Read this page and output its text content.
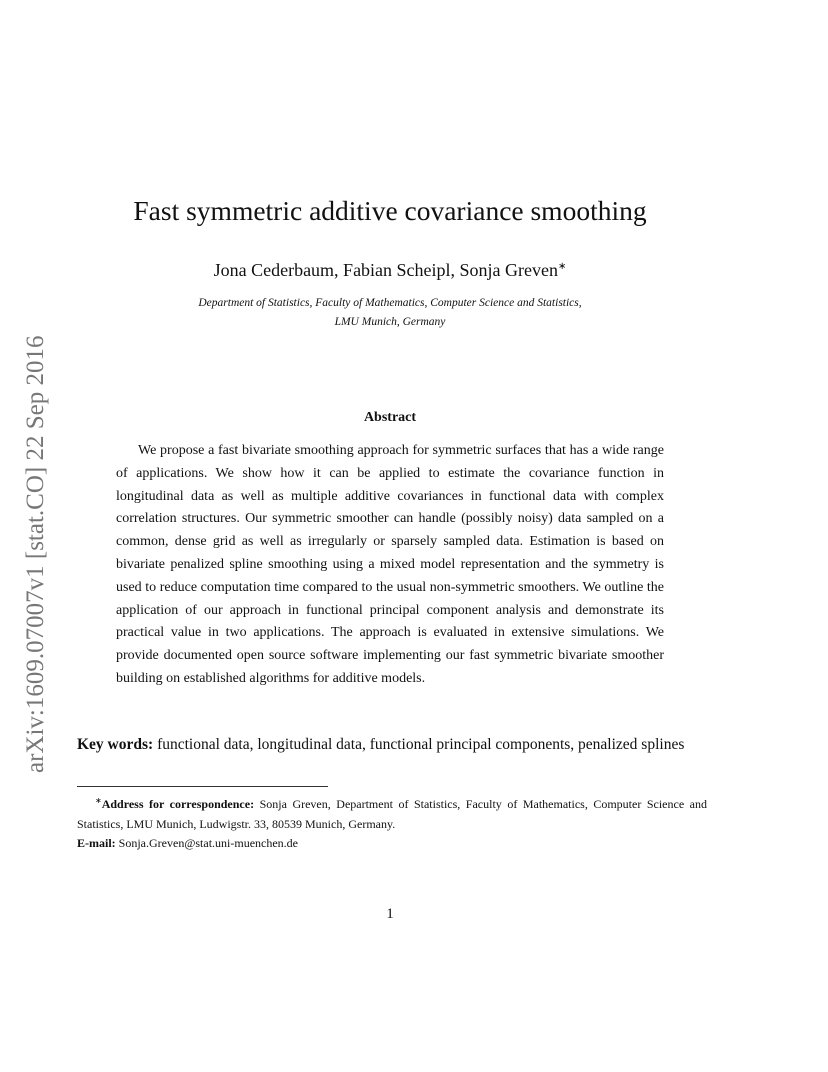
arXiv:1609.07007v1 [stat.CO] 22 Sep 2016
Fast symmetric additive covariance smoothing
Jona Cederbaum, Fabian Scheipl, Sonja Greven∗
Department of Statistics, Faculty of Mathematics, Computer Science and Statistics,
LMU Munich, Germany
Abstract
We propose a fast bivariate smoothing approach for symmetric surfaces that has a wide range of applications. We show how it can be applied to estimate the covariance function in longitudinal data as well as multiple additive covariances in functional data with complex correlation structures. Our symmetric smoother can handle (possibly noisy) data sampled on a common, dense grid as well as irregularly or sparsely sampled data. Estimation is based on bivariate penalized spline smoothing using a mixed model representation and the symmetry is used to reduce computation time compared to the usual non-symmetric smoothers. We outline the application of our approach in functional principal component analysis and demonstrate its practical value in two applications. The approach is evaluated in extensive simulations. We provide documented open source software implementing our fast symmetric bivariate smoother building on established algorithms for additive models.
Key words: functional data, longitudinal data, functional principal components, penalized splines
∗Address for correspondence: Sonja Greven, Department of Statistics, Faculty of Mathematics, Computer Science and Statistics, LMU Munich, Ludwigstr. 33, 80539 Munich, Germany.
E-mail: Sonja.Greven@stat.uni-muenchen.de
1
